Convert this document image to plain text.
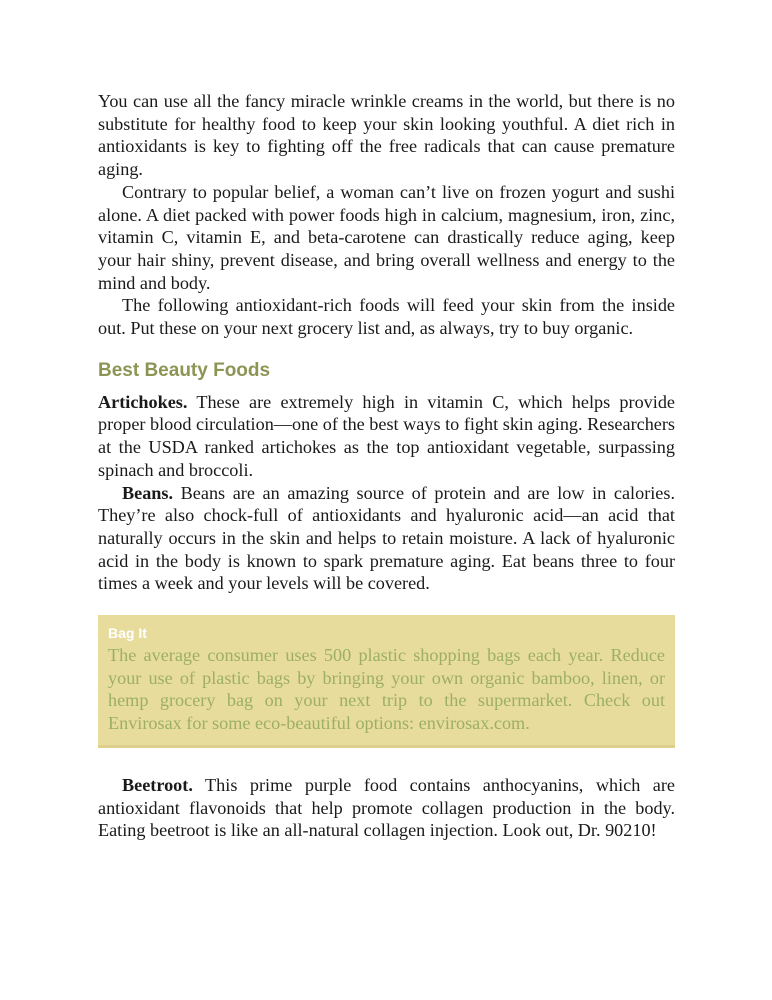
You can use all the fancy miracle wrinkle creams in the world, but there is no substitute for healthy food to keep your skin looking youthful. A diet rich in antioxidants is key to fighting off the free radicals that can cause premature aging.

Contrary to popular belief, a woman can’t live on frozen yogurt and sushi alone. A diet packed with power foods high in calcium, magnesium, iron, zinc, vitamin C, vitamin E, and beta-carotene can drastically reduce aging, keep your hair shiny, prevent disease, and bring overall wellness and energy to the mind and body.

The following antioxidant-rich foods will feed your skin from the inside out. Put these on your next grocery list and, as always, try to buy organic.

Best Beauty Foods

Artichokes. These are extremely high in vitamin C, which helps provide proper blood circulation—one of the best ways to fight skin aging. Researchers at the USDA ranked artichokes as the top antioxidant vegetable, surpassing spinach and broccoli.

Beans. Beans are an amazing source of protein and are low in calories. They’re also chock-full of antioxidants and hyaluronic acid—an acid that naturally occurs in the skin and helps to retain moisture. A lack of hyaluronic acid in the body is known to spark premature aging. Eat beans three to four times a week and your levels will be covered.

Bag It
The average consumer uses 500 plastic shopping bags each year. Reduce your use of plastic bags by bringing your own organic bamboo, linen, or hemp grocery bag on your next trip to the supermarket. Check out Envirosax for some eco-beautiful options: envirosax.com.

Beetroot. This prime purple food contains anthocyanins, which are antioxidant flavonoids that help promote collagen production in the body. Eating beetroot is like an all-natural collagen injection. Look out, Dr. 90210!
